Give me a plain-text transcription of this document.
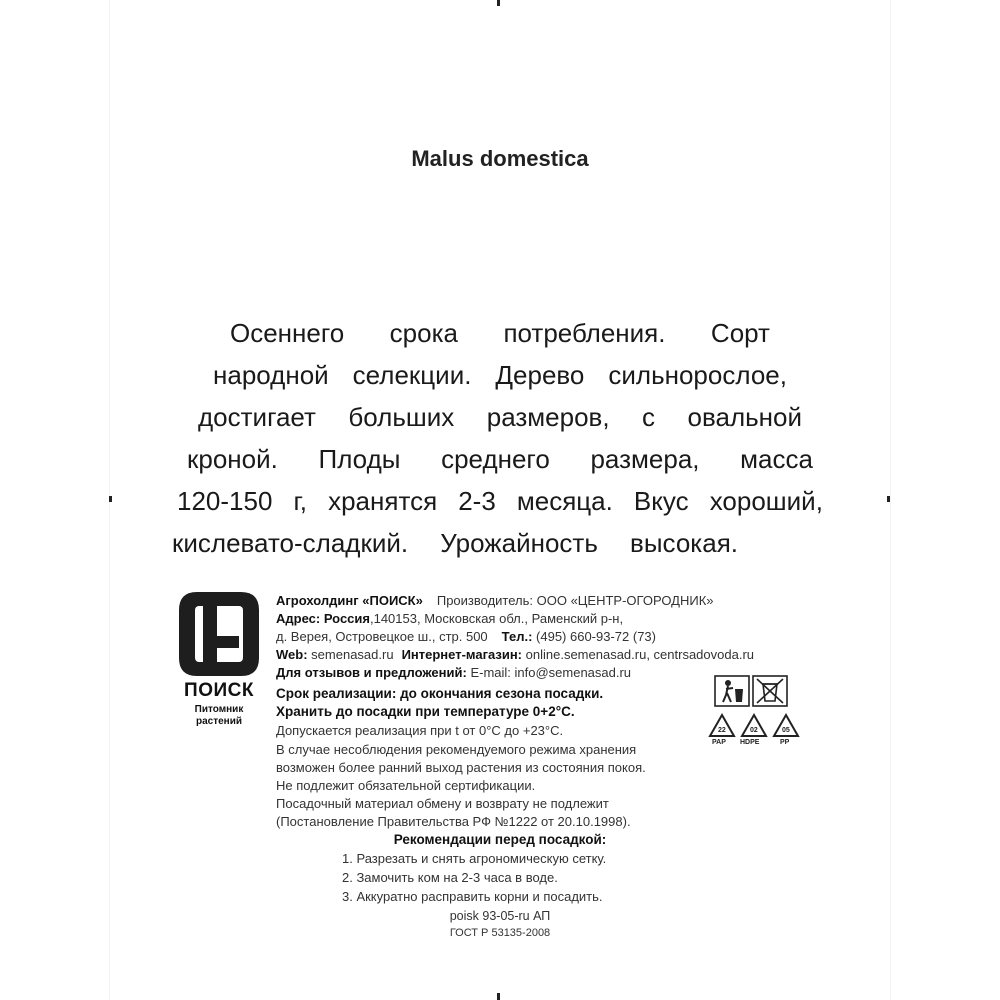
Malus domestica
Осеннего срока потребления. Сорт
народной селекции. Дерево сильнорослое,
достигает больших размеров, с овальной
кроной. Плоды среднего размера, масса
120-150 г, хранятся 2-3 месяца. Вкус хороший,
кислевато-сладкий. Урожайность высокая.
ПОИСК
Питомник
растений
Агрохолдинг «ПОИСК» Производитель: ООО «ЦЕНТР-ОГОРОДНИК»
Адрес: Россия,140153, Московская обл., Раменский р-н,
д. Верея, Островецкое ш., стр. 500 Тел.: (495) 660-93-72 (73)
Web: semenasad.ru Интернет-магазин: online.semenasad.ru, centrsadovoda.ru
Для отзывов и предложений: E-mail: info@semenasad.ru
Срок реализации: до окончания сезона посадки.
Хранить до посадки при температуре 0+2°С.
Допускается реализация при t от 0°С до +23°С.
В случае несоблюдения рекомендуемого режима хранения
возможен более ранний выход растения из состояния покоя.
Не подлежит обязательной сертификации.
Посадочный материал обмену и возврату не подлежит
(Постановление Правительства РФ №1222 от 20.10.1998).
22
PAP
02
HDPE
05
PP
Рекомендации перед посадкой:
1. Разрезать и снять агрономическую сетку.
2. Замочить ком на 2-3 часа в воде.
3. Аккуратно расправить корни и посадить.
poisk 93-05-ru АП
ГОСТ Р 53135-2008
